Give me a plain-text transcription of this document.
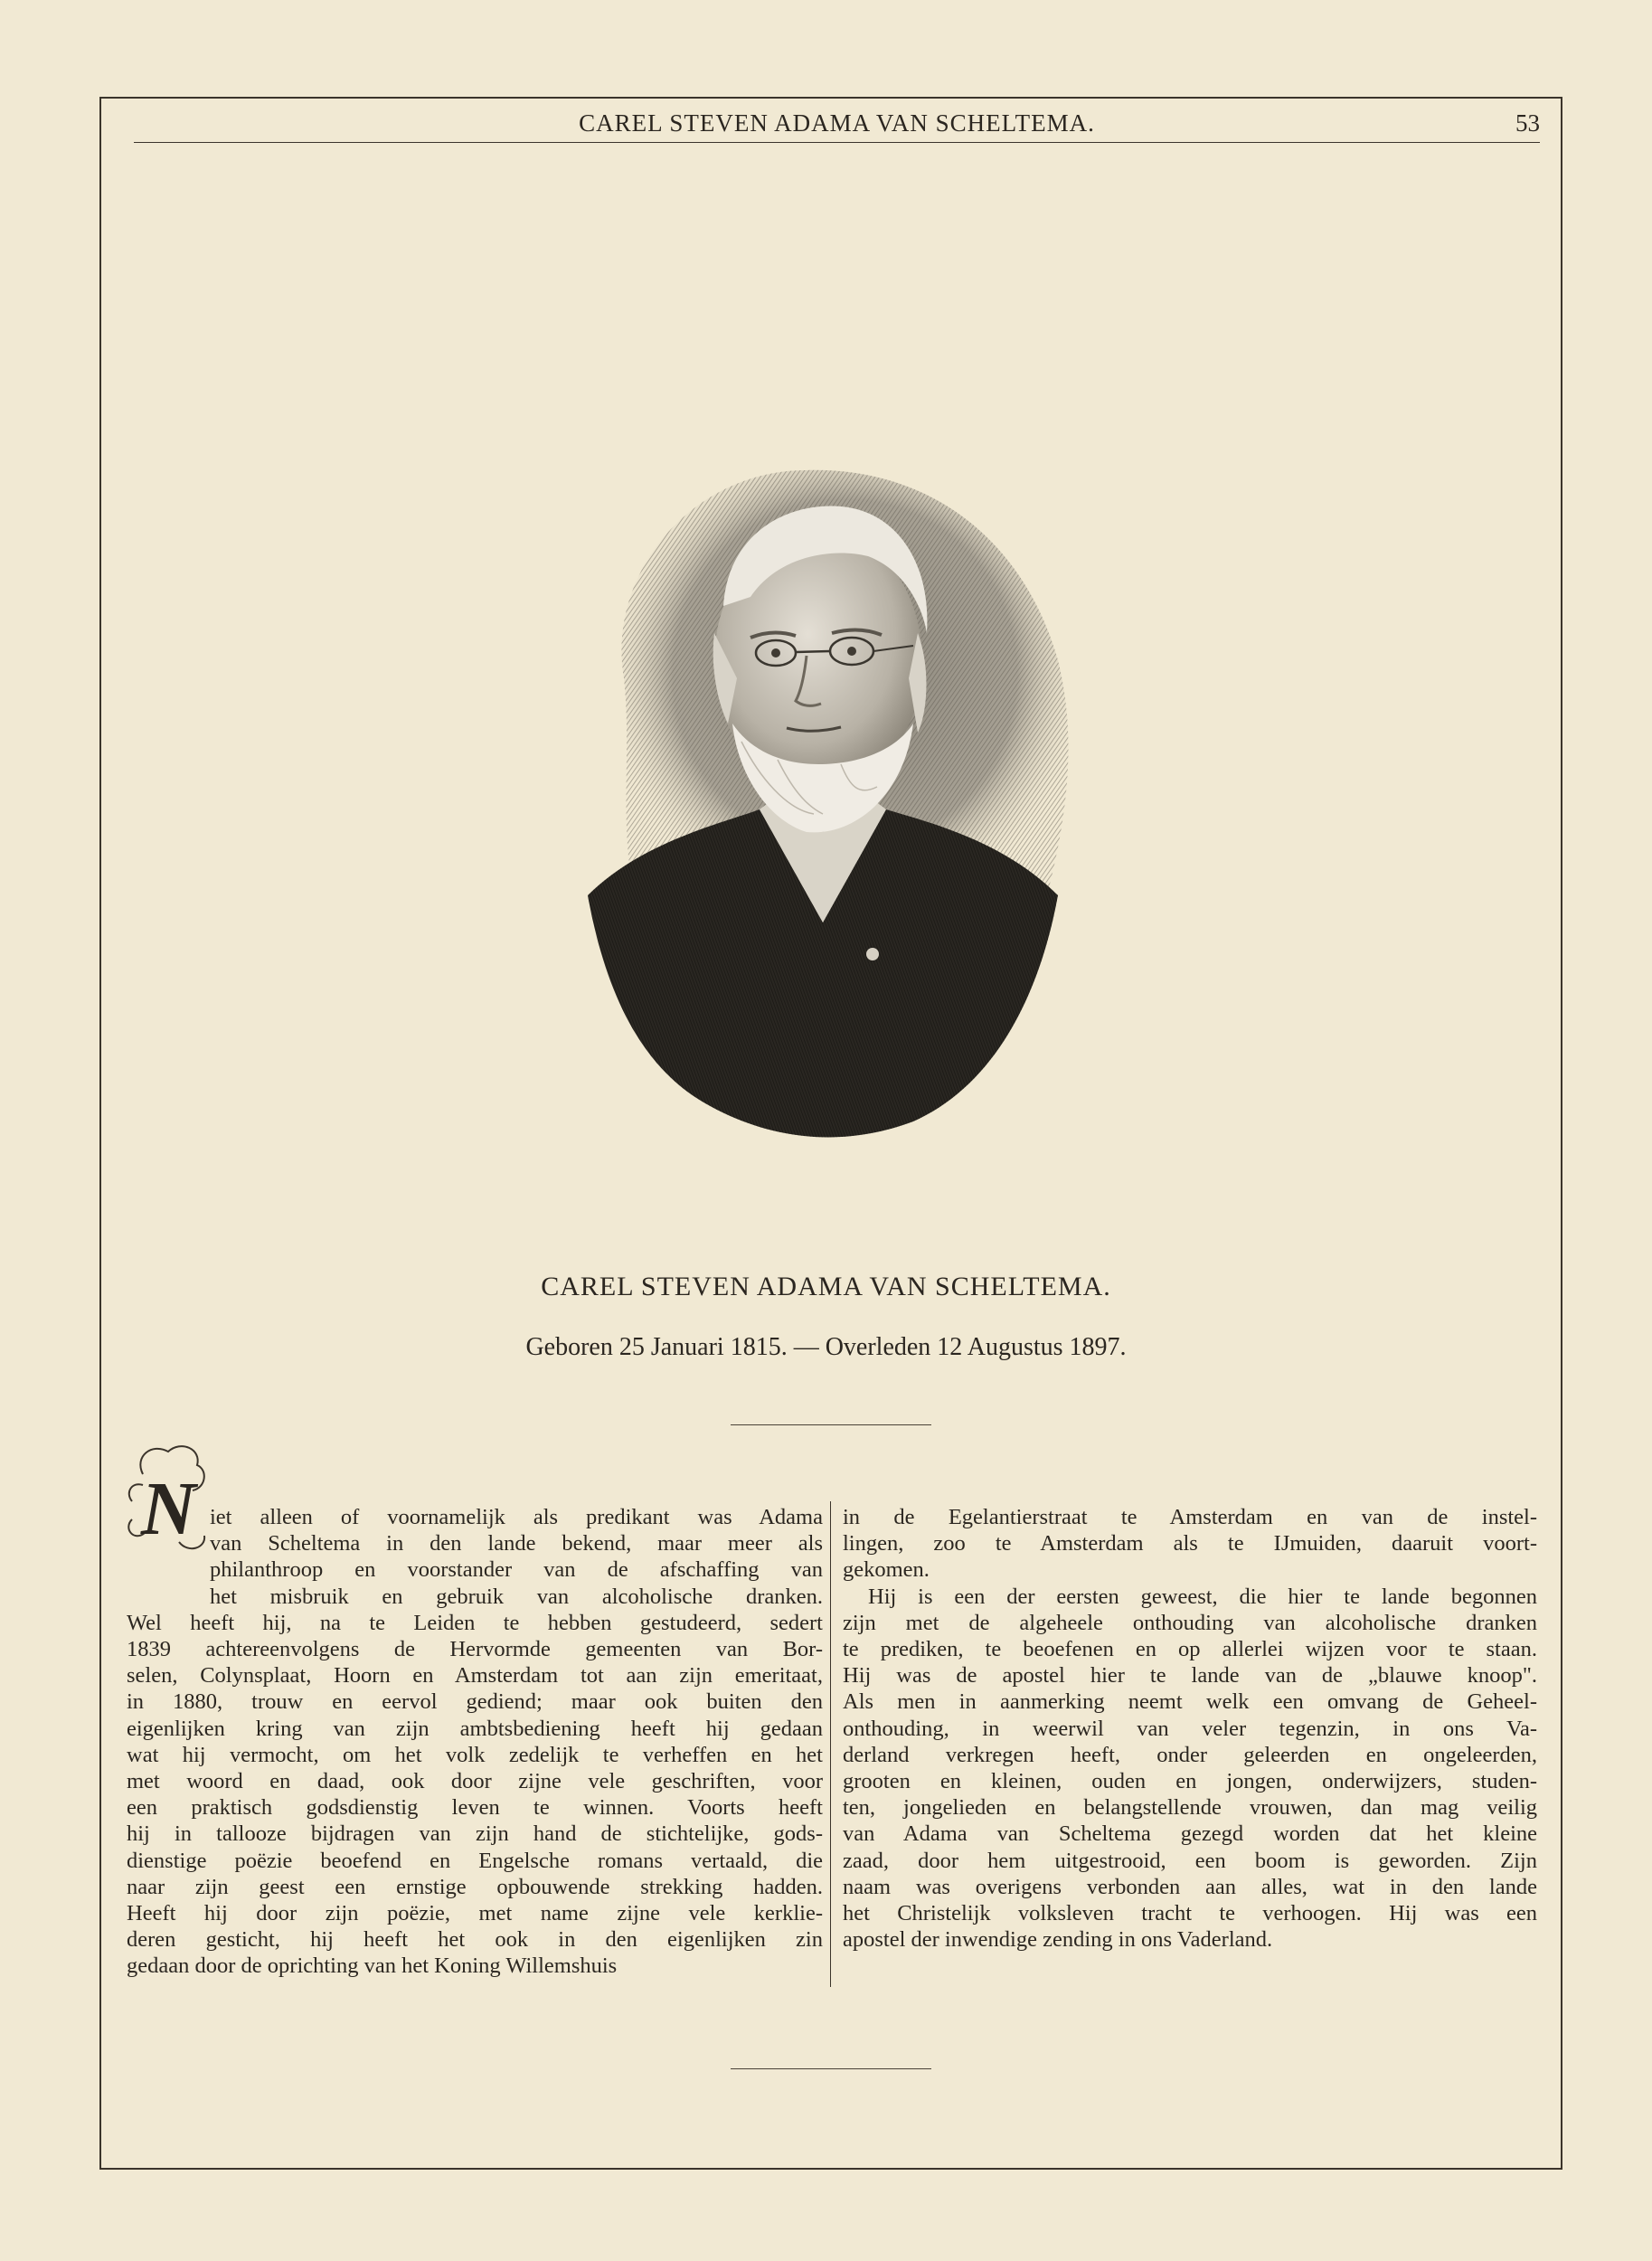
CAREL STEVEN ADAMA VAN SCHELTEMA.	53
CAREL STEVEN ADAMA VAN SCHELTEMA.
Geboren 25 Januari 1815. — Overleden 12 Augustus 1897.
N iet alleen of voornamelijk als predikant was Adama
van Scheltema in den lande bekend, maar meer als
philanthroop en voorstander van de afschaffing van
het misbruik en gebruik van alcoholische dranken.
Wel heeft hij, na te Leiden te hebben gestudeerd, sedert
1839 achtereenvolgens de Hervormde gemeenten van Bor-
selen, Colynsplaat, Hoorn en Amsterdam tot aan zijn emeritaat,
in 1880, trouw en eervol gediend; maar ook buiten den
eigenlijken kring van zijn ambtsbediening heeft hij gedaan
wat hij vermocht, om het volk zedelijk te verheffen en het
met woord en daad, ook door zijne vele geschriften, voor
een praktisch godsdienstig leven te winnen. Voorts heeft
hij in tallooze bijdragen van zijn hand de stichtelijke, gods-
dienstige poëzie beoefend en Engelsche romans vertaald, die
naar zijn geest een ernstige opbouwende strekking hadden.
Heeft hij door zijn poëzie, met name zijne vele kerklie-
deren gesticht, hij heeft het ook in den eigenlijken zin
gedaan door de oprichting van het Koning Willemshuis
in de Egelantierstraat te Amsterdam en van de instel-
lingen, zoo te Amsterdam als te IJmuiden, daaruit voort-
gekomen.
Hij is een der eersten geweest, die hier te lande begonnen
zijn met de algeheele onthouding van alcoholische dranken
te prediken, te beoefenen en op allerlei wijzen voor te staan.
Hij was de apostel hier te lande van de „blauwe knoop".
Als men in aanmerking neemt welk een omvang de Geheel-
onthouding, in weerwil van veler tegenzin, in ons Va-
derland verkregen heeft, onder geleerden en ongeleerden,
grooten en kleinen, ouden en jongen, onderwijzers, studen-
ten, jongelieden en belangstellende vrouwen, dan mag veilig
van Adama van Scheltema gezegd worden dat het kleine
zaad, door hem uitgestrooid, een boom is geworden. Zijn
naam was overigens verbonden aan alles, wat in den lande
het Christelijk volksleven tracht te verhoogen. Hij was een
apostel der inwendige zending in ons Vaderland.
